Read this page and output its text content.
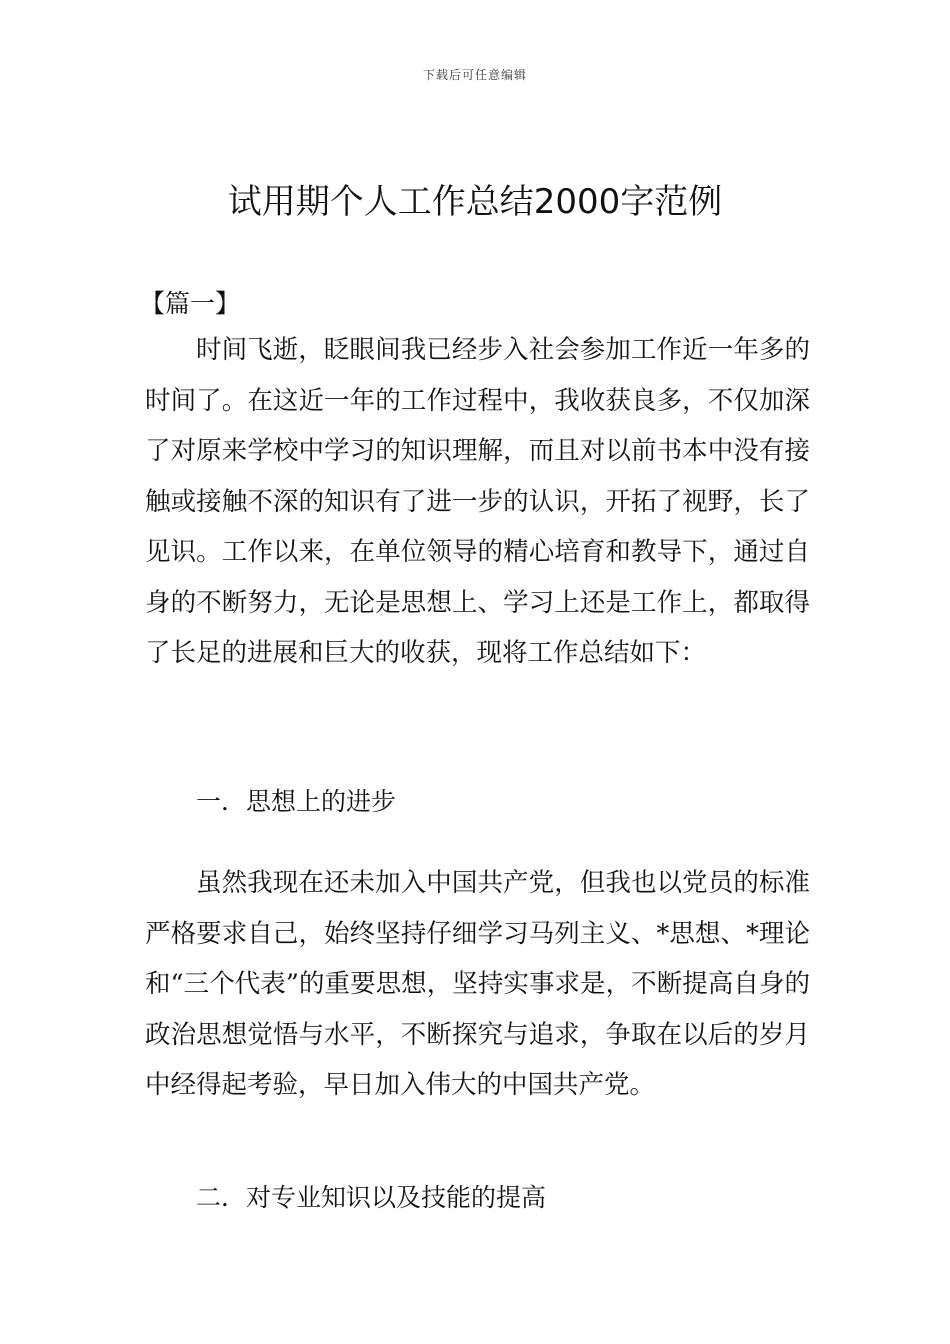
下载后可任意编辑
试用期个人工作总结2000字范例
【篇一】

时间飞逝，眨眼间我已经步入社会参加工作近一年多的时间了。在这近一年的工作过程中，我收获良多，不仅加深了对原来学校中学习的知识理解，而且对以前书本中没有接触或接触不深的知识有了进一步的认识，开拓了视野，长了见识。工作以来，在单位领导的精心培育和教导下，通过自身的不断努力，无论是思想上、学习上还是工作上，都取得了长足的进展和巨大的收获，现将工作总结如下：

一．思想上的进步

虽然我现在还未加入中国共产党，但我也以党员的标准严格要求自己，始终坚持仔细学习马列主义、*思想、*理论和“三个代表”的重要思想，坚持实事求是，不断提高自身的政治思想觉悟与水平，不断探究与追求，争取在以后的岁月中经得起考验，早日加入伟大的中国共产党。

二．对专业知识以及技能的提高
